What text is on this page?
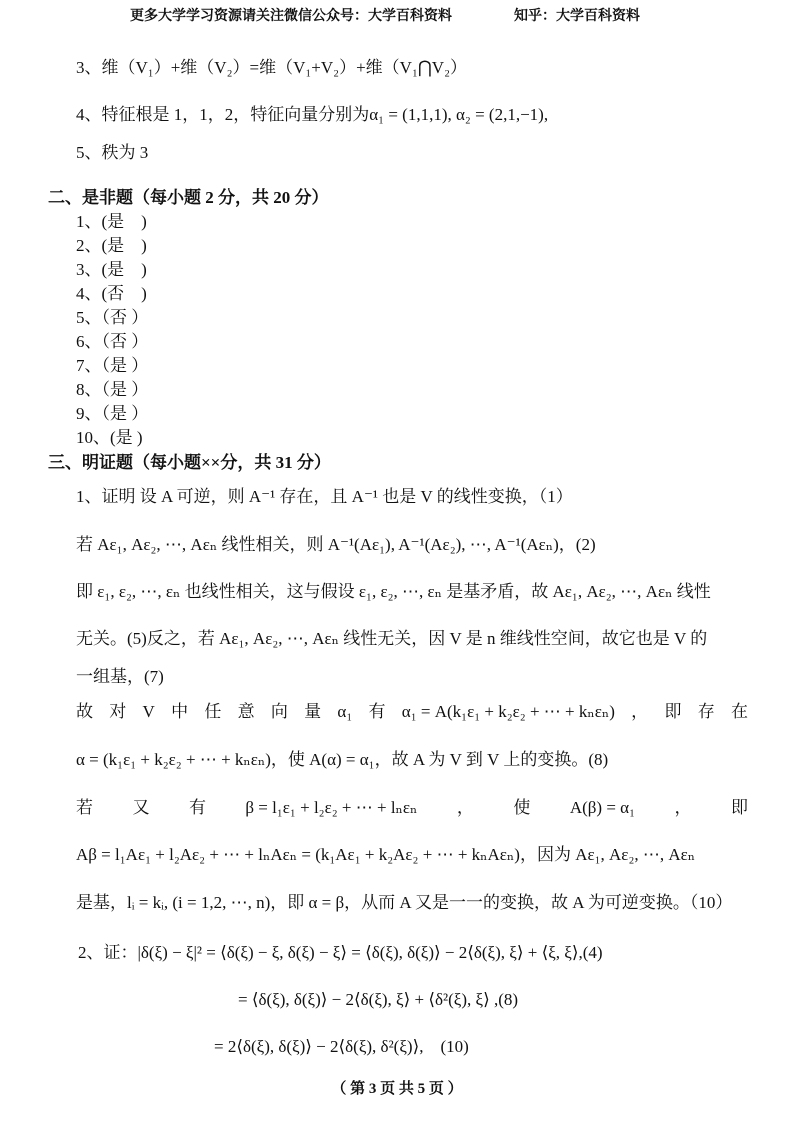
更多大学学习资源请关注微信公众号：大学百科资料	知乎：大学百科资料
3、维（V₁）+维（V₂）=维（V₁+V₂）+维（V₁⋂V₂）
4、特征根是 1，1，2，特征向量分别为α₁ = (1,1,1), α₂ = (2,1,−1),
5、秩为 3
二、是非题（每小题 2 分，共 20 分）
1、(是　)
2、(是　)
3、(是　)
4、(否　)
5、（否 ）
6、（否 ）
7、（是 ）
8、（是 ）
9、（是 ）
10、(是 )
三、明证题（每小题××分，共 31 分）
1、证明 设 A 可逆，则 A⁻¹ 存在，且 A⁻¹ 也是 V 的线性变换，（1）
若 Aε₁, Aε₂, ⋯, Aεₙ 线性相关，则 A⁻¹(Aε₁), A⁻¹(Aε₂), ⋯, A⁻¹(Aεₙ)，(2)
即 ε₁, ε₂, ⋯, εₙ 也线性相关，这与假设 ε₁, ε₂, ⋯, εₙ 是基矛盾，故 Aε₁, Aε₂, ⋯, Aεₙ 线性
无关。(5)反之，若 Aε₁, Aε₂, ⋯, Aεₙ 线性无关，因 V 是 n 维线性空间，故它也是 V 的
一组基，(7)
故 对 V 中 任 意 向 量 α₁ 有 α₁ = A(k₁ε₁ + k₂ε₂ + ⋯ + kₙεₙ) ， 即 存 在
α = (k₁ε₁ + k₂ε₂ + ⋯ + kₙεₙ)，使 A(α) = α₁，故 A 为 V 到 V 上的变换。(8)
若 又 有 β = l₁ε₁ + l₂ε₂ + ⋯ + lₙεₙ ， 使 A(β) = α₁ ， 即
Aβ = l₁Aε₁ + l₂Aε₂ + ⋯ + lₙAεₙ = (k₁Aε₁ + k₂Aε₂ + ⋯ + kₙAεₙ)，因为 Aε₁, Aε₂, ⋯, Aεₙ
是基，lᵢ = kᵢ, (i = 1,2, ⋯, n)，即 α = β，从而 A 又是一一的变换，故 A 为可逆变换。（10）
2、证：|δ(ξ) − ξ|² = ⟨δ(ξ) − ξ, δ(ξ) − ξ⟩ = ⟨δ(ξ), δ(ξ)⟩ − 2⟨δ(ξ), ξ⟩ + ⟨ξ, ξ⟩,(4)
= ⟨δ(ξ), δ(ξ)⟩ − 2⟨δ(ξ), ξ⟩ + ⟨δ²(ξ), ξ⟩ ,(8)
= 2⟨δ(ξ), δ(ξ)⟩ − 2⟨δ(ξ), δ²(ξ)⟩,　(10)
（ 第 3 页 共 5 页 ）
